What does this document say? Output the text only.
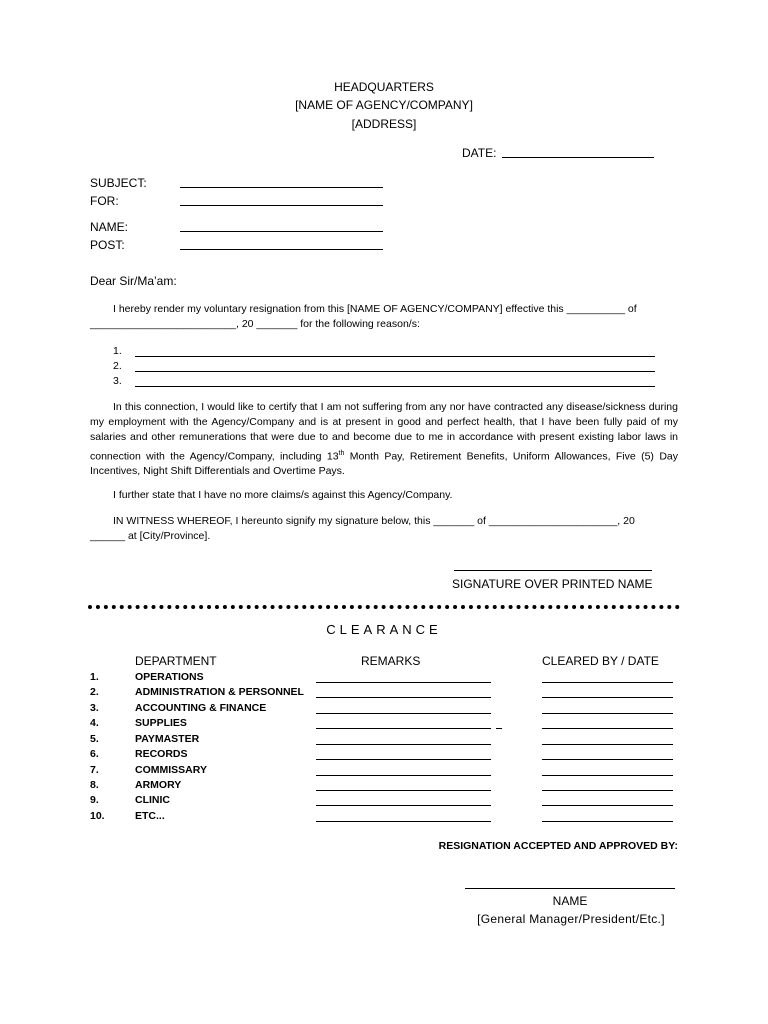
HEADQUARTERS
[NAME OF AGENCY/COMPANY]
[ADDRESS]
DATE:
SUBJECT:
FOR:
NAME:
POST:
Dear Sir/Ma’am:
I hereby render my voluntary resignation from this [NAME OF AGENCY/COMPANY] effective this __________ of
_________________________, 20 _______ for the following reason/s:
1.
2.
3.
In this connection, I would like to certify that I am not suffering from any nor have contracted any disease/sickness during my employment with the Agency/Company and is at present in good and perfect health, that I have been fully paid of my salaries and other remunerations that were due to and become due to me in accordance with present existing labor laws in connection with the Agency/Company, including 13th Month Pay, Retirement Benefits, Uniform Allowances, Five (5) Day Incentives, Night Shift Differentials and Overtime Pays.
I further state that I have no more claims/s against this Agency/Company.
IN WITNESS WHEREOF, I hereunto signify my signature below, this _______ of ______________________, 20
______ at [City/Province].
SIGNATURE OVER PRINTED NAME
CLEARANCE
DEPARTMENT	REMARKS	CLEARED BY / DATE
1.	OPERATIONS
2.	ADMINISTRATION & PERSONNEL
3.	ACCOUNTING & FINANCE
4.	SUPPLIES
5.	PAYMASTER
6.	RECORDS
7.	COMMISSARY
8.	ARMORY
9.	CLINIC
10.	ETC...
RESIGNATION ACCEPTED AND APPROVED BY:
NAME
[General Manager/President/Etc.]
